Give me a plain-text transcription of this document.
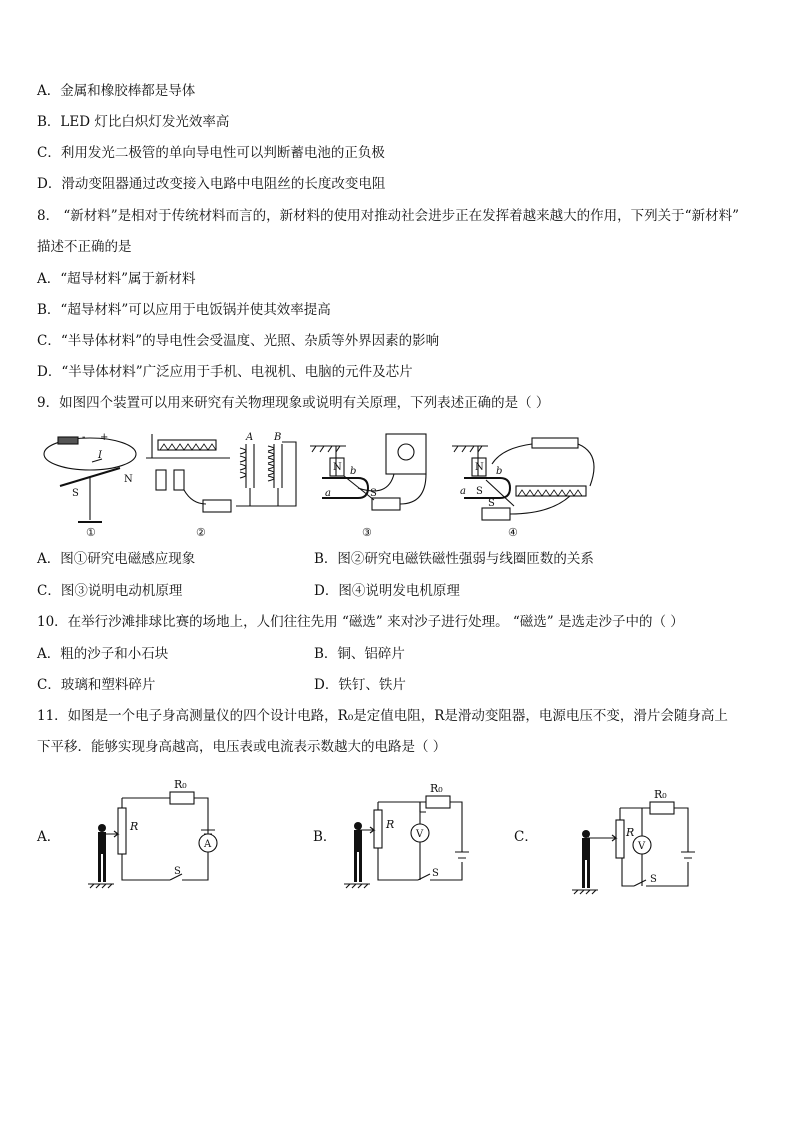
A．金属和橡胶棒都是导体
B．LED 灯比白炽灯发光效率高
C．利用发光二极管的单向导电性可以判断蓄电池的正负极
D．滑动变阻器通过改变接入电路中电阻丝的长度改变电阻
8． “新材料”是相对于传统材料而言的，新材料的使用对推动社会进步正在发挥着越来越大的作用，下列关于“新材料”
描述不正确的是
A．“超导材料”属于新材料
B．“超导材料”可以应用于电饭锅并使其效率提高
C．“半导体材料”的导电性会受温度、光照、杂质等外界因素的影响
D．“半导体材料”广泛应用于手机、电视机、电脑的元件及芯片
9．如图四个装置可以用来研究有关物理现象或说明有关原理，下列表述正确的是（ ）
- +
I
S
N
A B
N
a
b
S
N
S
a
b
S
①	②	③	④
A．图①研究电磁感应现象	B．图②研究电磁铁磁性强弱与线圈匝数的关系
C．图③说明电动机原理	D．图④说明发电机原理
10．在举行沙滩排球比赛的场地上，人们往往先用 “磁选” 来对沙子进行处理。 “磁选” 是选走沙子中的（ ）
A．粗的沙子和小石块	B．铜、铝碎片
C．玻璃和塑料碎片	D．铁钉、铁片
11．如图是一个电子身高测量仪的四个设计电路，R₀是定值电阻，R是滑动变阻器，电源电压不变，滑片会随身高上
下平移．能够实现身高越高，电压表或电流表示数越大的电路是（ ）
A．
R₀
R
A
S
B．
R₀
R
V
S
C．
R₀
R
V
S
